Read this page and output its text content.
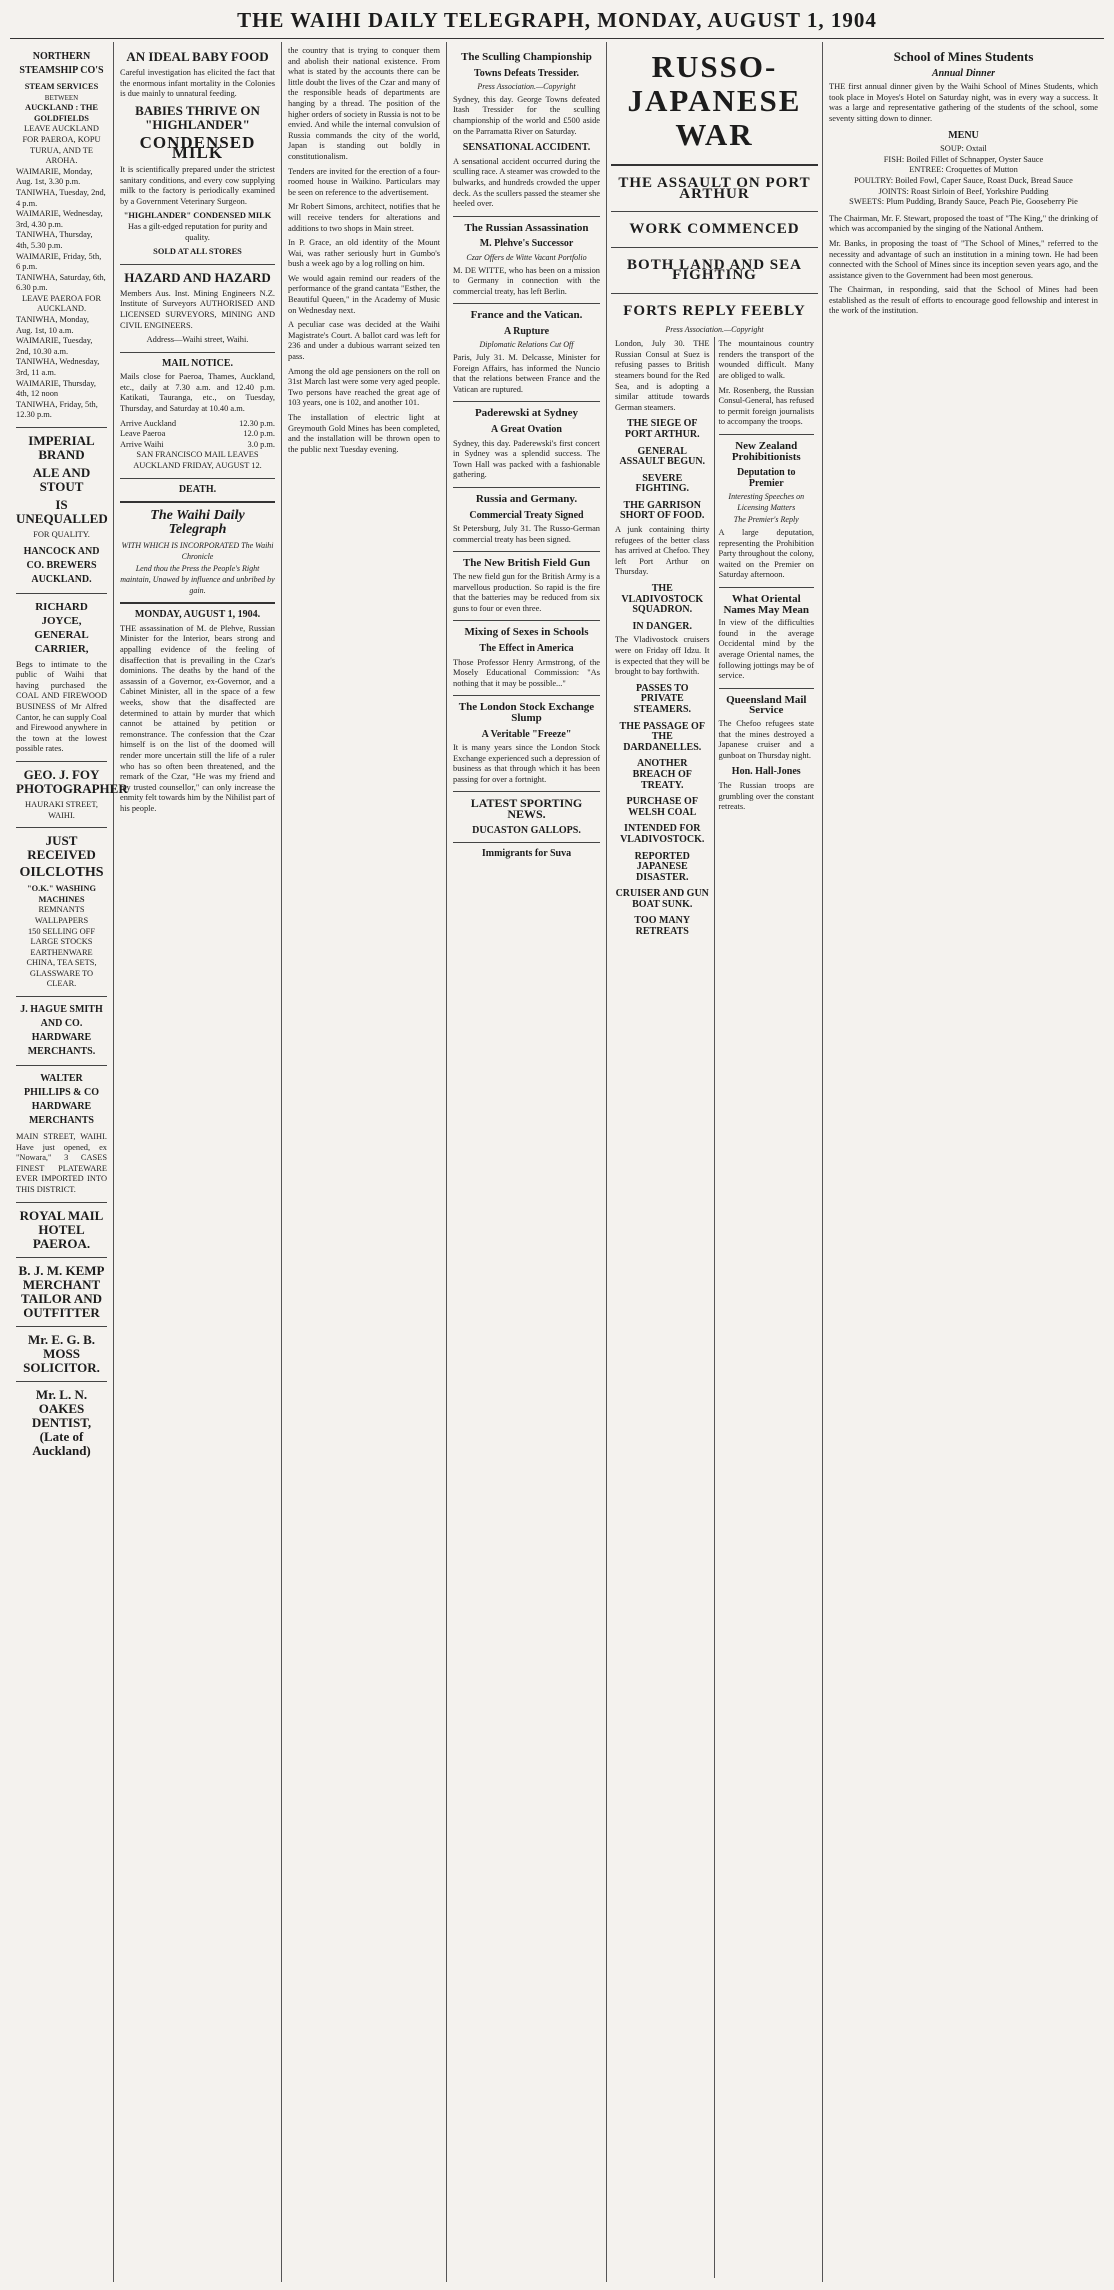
THE WAIHI DAILY TELEGRAPH, MONDAY, AUGUST 1, 1904
NORTHERN STEAMSHIP CO'S
STEAM SERVICES
BETWEEN
AUCKLAND : THE GOLDFIELDS
LEAVE AUCKLAND FOR PAEROA, KOPU TURUA, AND TE AROHA.
WAIMARIE, Monday, Aug. 1st, 3.30 p.m.
TANIWHA, Tuesday, 2nd, 4 p.m.
WAIMARIE, Wednesday, 3rd, 4.30 p.m.
TANIWHA, Thursday, 4th, 5.30 p.m.
WAIMARIE, Friday, 5th, 6 p.m.
TANIWHA, Saturday, 6th, 6.30 p.m.
LEAVE PAEROA FOR AUCKLAND.
TANIWHA, Monday, Aug. 1st, 10 a.m.
WAIMARIE, Tuesday, 2nd, 10.30 a.m.
TANIWHA, Wednesday, 3rd, 11 a.m.
WAIMARIE, Thursday, 4th, 12 noon
TANIWHA, Friday, 5th, 12.30 p.m.
IMPERIAL BRAND
ALE AND STOUT
IS UNEQUALLED
FOR QUALITY.
HANCOCK AND CO. BREWERS AUCKLAND.
RICHARD JOYCE, GENERAL CARRIER,

Begs to intimate to the public of Waihi that having purchased the COAL AND FIREWOOD BUSINESS of Mr Alfred Cantor, he can supply Coal and Firewood anywhere in the town at the lowest possible rates.

GEO. J. FOY PHOTOGRAPHER
HAURAKI STREET, WAIHI.
JUST RECEIVED
OILCLOTHS
"O.K." WASHING MACHINES
REMNANTS WALLPAPERS
150 SELLING OFF LARGE STOCKS EARTHENWARE CHINA, TEA SETS, GLASSWARE TO CLEAR.
J. HAGUE SMITH AND CO. HARDWARE MERCHANTS.
WALTER PHILLIPS & CO HARDWARE MERCHANTS

MAIN STREET, WAIHI. Have just opened, ex "Nowara," 3 CASES FINEST PLATEWARE EVER IMPORTED INTO THIS DISTRICT.

ROYAL MAIL HOTEL PAEROA.
B. J. M. KEMP MERCHANT TAILOR AND OUTFITTER
Mr. E. G. B. MOSS SOLICITOR.
Mr. L. N. OAKES DENTIST, (Late of Auckland)
AN IDEAL BABY FOOD

Careful investigation has elicited the fact that the enormous infant mortality in the Colonies is due mainly to unnatural feeding.

BABIES THRIVE ON "HIGHLANDER"
CONDENSED MILK

It is scientifically prepared under the strictest sanitary conditions, and every cow supplying milk to the factory is periodically examined by a Government Veterinary Surgeon.

"HIGHLANDER" CONDENSED MILK

Has a gilt-edged reputation for purity and quality.

SOLD AT ALL STORES
HAZARD AND HAZARD

Members Aus. Inst. Mining Engineers N.Z. Institute of Surveyors AUTHORISED AND LICENSED SURVEYORS, MINING AND CIVIL ENGINEERS.

Address—Waihi street, Waihi.

MAIL NOTICE.

Mails close for Paeroa, Thames, Auckland, etc., daily at 7.30 a.m. and 12.40 p.m. Katikati, Tauranga, etc., on Tuesday, Thursday, and Saturday at 10.40 a.m.

Arrive Auckland	12.30 p.m.
Leave Paeroa	12.0 p.m.
Arrive Waihi	3.0 p.m.

SAN FRANCISCO MAIL LEAVES AUCKLAND FRIDAY, AUGUST 12.

DEATH.
The Waihi Daily Telegraph
WITH WHICH IS INCORPORATED The Waihi Chronicle
Lend thou the Press the People's Right maintain, Unawed by influence and unbribed by gain.
MONDAY, AUGUST 1, 1904.

THE assassination of M. de Plehve, Russian Minister for the Interior, bears strong and appalling evidence of the feeling of disaffection that is prevailing in the Czar's dominions. The deaths by the hand of the assassin of a Governor, ex-Governor, and a Cabinet Minister, all in the space of a few weeks, show that the disaffected are determined to attain by murder that which cannot be attained by petition or remonstrance. The confession that the Czar himself is on the list of the doomed will render more uncertain still the life of a ruler who has so often been threatened, and the remark of the Czar, "He was my friend and my trusted counsellor," can only increase the enmity felt towards him by the Nihilist part of his people.

the country that is trying to conquer them and abolish their national existence. From what is stated by the accounts there can be little doubt the lives of the Czar and many of the responsible heads of departments are hanging by a thread. The position of the higher orders of society in Russia is not to be envied. And while the internal convulsion of Russia commands the city of the world, Japan is standing out boldly in constitutionalism.

Tenders are invited for the erection of a four-roomed house in Waikino. Particulars may be seen on reference to the advertisement.

Mr Robert Simons, architect, notifies that he will receive tenders for alterations and additions to two shops in Main street.

In P. Grace, an old identity of the Mount Wai, was rather seriously hurt in Gumbo's bush a week ago by a log rolling on him.

We would again remind our readers of the performance of the grand cantata "Esther, the Beautiful Queen," in the Academy of Music on Wednesday next.

A peculiar case was decided at the Waihi Magistrate's Court. A ballot card was left for 236 and under a dubious warrant seized ten pass.

Among the old age pensioners on the roll on 31st March last were some very aged people. Two persons have reached the great age of 103 years, one is 102, and another 101.

The installation of electric light at Greymouth Gold Mines has been completed, and the installation will be thrown open to the public next Tuesday evening.

The Sculling Championship
Towns Defeats Tressider.
Press Association.—Copyright

Sydney, this day. George Towns defeated Itash Tressider for the sculling championship of the world and £500 aside on the Parramatta River on Saturday.

SENSATIONAL ACCIDENT.

A sensational accident occurred during the sculling race. A steamer was crowded to the bulwarks, and hundreds crowded the upper deck. As the scullers passed the steamer she heeled over.

The Russian Assassination
M. Plehve's Successor
Czar Offers de Witte Vacant Portfolio

M. DE WITTE, who has been on a mission to Germany in connection with the commercial treaty, has left Berlin.

France and the Vatican.
A Rupture
Diplomatic Relations Cut Off

Paris, July 31. M. Delcasse, Minister for Foreign Affairs, has informed the Nuncio that the relations between France and the Vatican are ruptured.

Paderewski at Sydney
A Great Ovation

Sydney, this day. Paderewski's first concert in Sydney was a splendid success. The Town Hall was packed with a fashionable gathering.

Russia and Germany.
Commercial Treaty Signed

St Petersburg, July 31. The Russo-German commercial treaty has been signed.

The New British Field Gun

The new field gun for the British Army is a marvellous production. So rapid is the fire that the batteries may be reduced from six guns to four or even three.

Mixing of Sexes in Schools
The Effect in America

Those Professor Henry Armstrong, of the Mosely Educational Commission: "As nothing that it may be possible..."

The London Stock Exchange Slump
A Veritable "Freeze"

It is many years since the London Stock Exchange experienced such a depression of business as that through which it has been passing for over a fortnight.

LATEST SPORTING NEWS.
DUCASTON GALLOPS.
Immigrants for Suva
RUSSO-JAPANESE WAR
THE ASSAULT ON PORT ARTHUR
WORK COMMENCED
BOTH LAND AND SEA FIGHTING
FORTS REPLY FEEBLY
Press Association.—Copyright

London, July 30. THE Russian Consul at Suez is refusing passes to British steamers bound for the Red Sea, and is adopting a similar attitude towards German steamers.

THE SIEGE OF PORT ARTHUR.
GENERAL ASSAULT BEGUN.
SEVERE FIGHTING.
THE GARRISON SHORT OF FOOD.

A junk containing thirty refugees of the better class has arrived at Chefoo. They left Port Arthur on Thursday.

THE VLADIVOSTOCK SQUADRON.
IN DANGER.

The Vladivostock cruisers were on Friday off Idzu. It is expected that they will be brought to bay forthwith.

PASSES TO PRIVATE STEAMERS.
THE PASSAGE OF THE DARDANELLES.
ANOTHER BREACH OF TREATY.
PURCHASE OF WELSH COAL
INTENDED FOR VLADIVOSTOCK.
REPORTED JAPANESE DISASTER.
CRUISER AND GUN BOAT SUNK.
TOO MANY RETREATS

The mountainous country renders the transport of the wounded difficult. Many are obliged to walk.

Mr. Rosenberg, the Russian Consul-General, has refused to permit foreign journalists to accompany the troops.

New Zealand Prohibitionists
Deputation to Premier
Interesting Speeches on Licensing Matters
The Premier's Reply

A large deputation, representing the Prohibition Party throughout the colony, waited on the Premier on Saturday afternoon.

What Oriental Names May Mean

In view of the difficulties found in the average Occidental mind by the average Oriental names, the following jottings may be of service.

Queensland Mail Service

The Chefoo refugees state that the mines destroyed a Japanese cruiser and a gunboat on Thursday night.

Hon. Hall-Jones

The Russian troops are grumbling over the constant retreats.

School of Mines Students
Annual Dinner

THE first annual dinner given by the Waihi School of Mines Students, which took place in Moyes's Hotel on Saturday night, was in every way a success. It was a large and representative gathering of the students of the school, some seventy sitting down to dinner.

MENU
SOUP: Oxtail
FISH: Boiled Fillet of Schnapper, Oyster Sauce
ENTREE: Croquettes of Mutton
POULTRY: Boiled Fowl, Caper Sauce, Roast Duck, Bread Sauce
JOINTS: Roast Sirloin of Beef, Yorkshire Pudding
SWEETS: Plum Pudding, Brandy Sauce, Peach Pie, Gooseberry Pie

The Chairman, Mr. F. Stewart, proposed the toast of "The King," the drinking of which was accompanied by the singing of the National Anthem.

Mr. Banks, in proposing the toast of "The School of Mines," referred to the necessity and advantage of such an institution in a mining town. He had been connected with the School of Mines since its inception seven years ago, and the assistance given to the Government had been most generous.

The Chairman, in responding, said that the School of Mines had been established as the result of efforts to encourage good fellowship and interest in the work of the institution.
